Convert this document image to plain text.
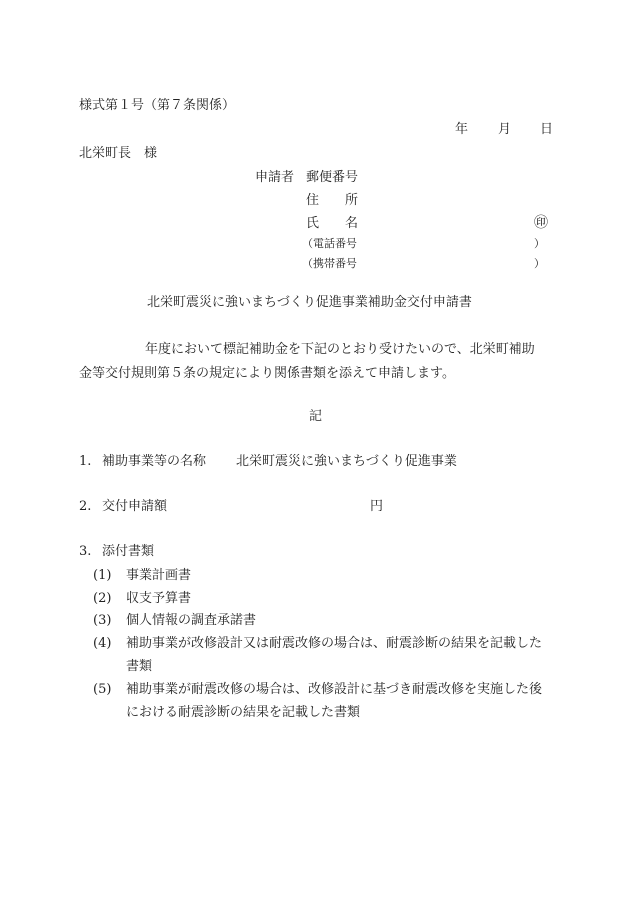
様式第１号（第７条関係）
年 月 日
北栄町長　様
申請者 郵便番号
住　　所
氏　　名	㊞
（電話番号	）
（携帯番号	）
北栄町震災に強いまちづくり促進事業補助金交付申請書
年度において標記補助金を下記のとおり受けたいので、北栄町補助
金等交付規則第５条の規定により関係書類を添えて申請します。
記
1. 補助事業等の名称 北栄町震災に強いまちづくり促進事業
2. 交付申請額	円
3. 添付書類
(1) 事業計画書
(2) 収支予算書
(3) 個人情報の調査承諾書
(4) 補助事業が改修設計又は耐震改修の場合は、耐震診断の結果を記載した
書類
(5) 補助事業が耐震改修の場合は、改修設計に基づき耐震改修を実施した後
における耐震診断の結果を記載した書類
